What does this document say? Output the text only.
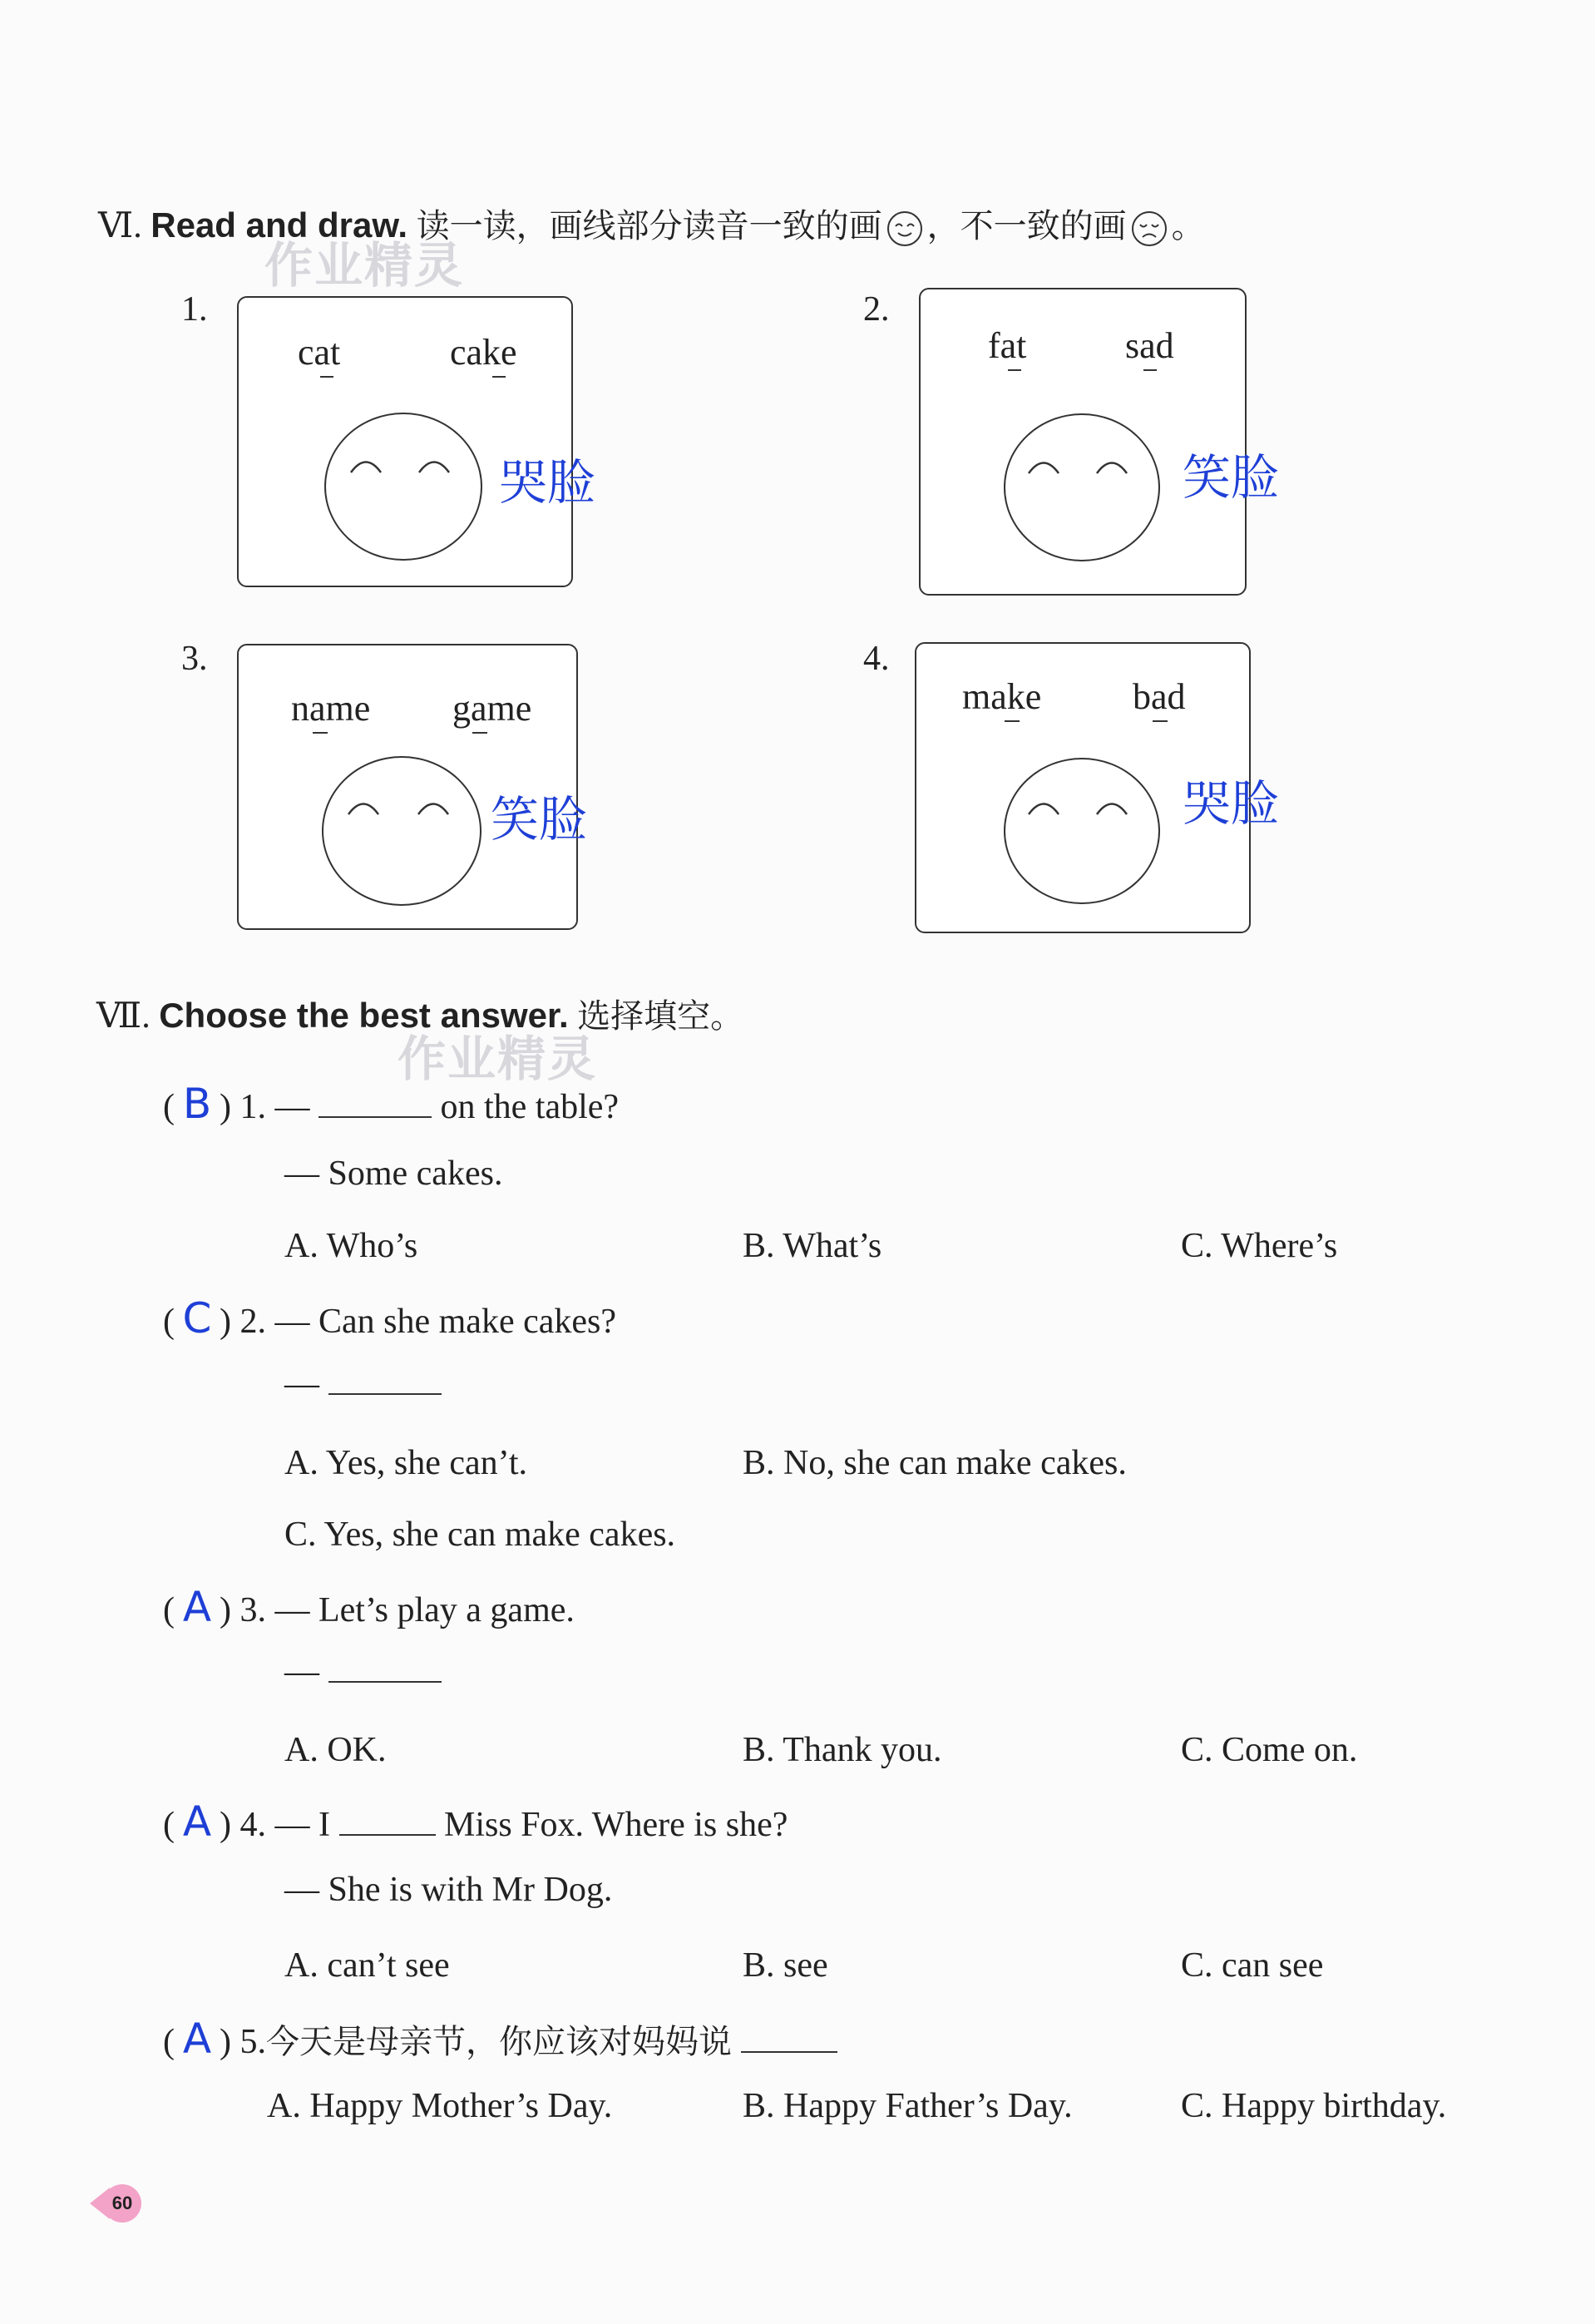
Ⅵ. Read and draw. 读一读，画线部分读音一致的画 ，不一致的画 。
作业精灵
1.
cat	cake
哭脸
2.
fat	sad
笑脸
3.
name game
笑脸
4.
make bad
哭脸
Ⅶ. Choose the best answer. 选择填空。
作业精灵
( B ) 1. —	on the table?
— Some cakes.
A. Who’s	B. What’s	C. Where’s
( C ) 2. — Can she make cakes?
—
A. Yes, she can’t.	B. No, she can make cakes.
C. Yes, she can make cakes.
( A ) 3. — Let’s play a game.
—
A. OK.	B. Thank you.	C. Come on.
( A ) 4. — I	Miss Fox. Where is she?
— She is with Mr Dog.
A. can’t see	B. see	C. can see
( A ) 5.今天是母亲节，你应该对妈妈说
A. Happy Mother’s Day.	B. Happy Father’s Day.	C. Happy birthday.
60
